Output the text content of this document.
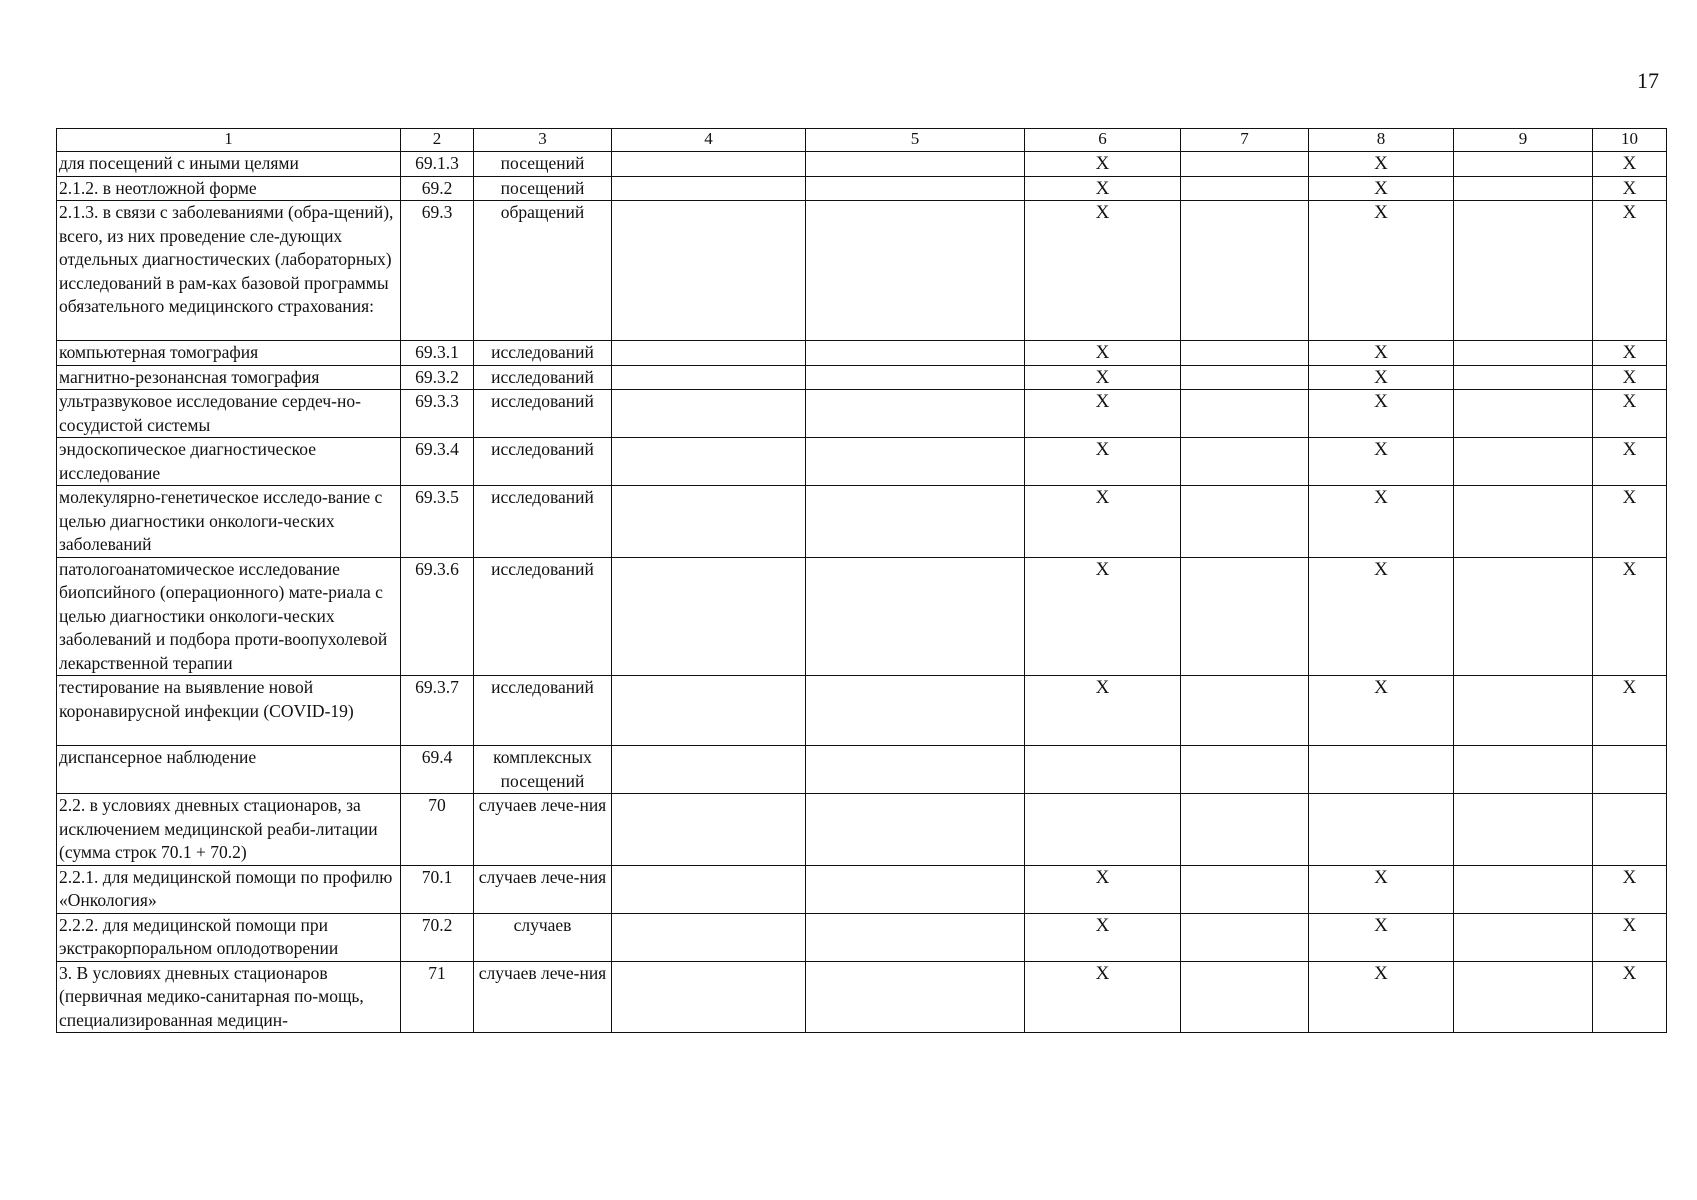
17
1	2	3	4	5	6	7	8	9	10
для посещений с иными целями	69.1.3	посещений			X		X		X
2.1.2. в неотложной форме	69.2	посещений			X		X		X
2.1.3. в связи с заболеваниями (обра-щений), всего, из них проведение сле-дующих отдельных диагностических (лабораторных) исследований в рам-ках базовой программы обязательного медицинского страхования:	69.3	обращений			X		X		X
компьютерная томография	69.3.1	исследований			X		X		X
магнитно-резонансная томография	69.3.2	исследований			X		X		X
ультразвуковое исследование сердеч-но-сосудистой системы	69.3.3	исследований			X		X		X
эндоскопическое диагностическое исследование	69.3.4	исследований			X		X		X
молекулярно-генетическое исследо-вание с целью диагностики онкологи-ческих заболеваний	69.3.5	исследований			X		X		X
патологоанатомическое исследование биопсийного (операционного) мате-риала с целью диагностики онкологи-ческих заболеваний и подбора проти-воопухолевой лекарственной терапии	69.3.6	исследований			X		X		X
тестирование на выявление новой коронавирусной инфекции (COVID-19)	69.3.7	исследований			X		X		X
диспансерное наблюдение	69.4	комплексных посещений							
2.2. в условиях дневных стационаров, за исключением медицинской реаби-литации (сумма строк 70.1 + 70.2)	70	случаев лече-ния							
2.2.1. для медицинской помощи по профилю «Онкология»	70.1	случаев лече-ния			X		X		X
2.2.2. для медицинской помощи при экстракорпоральном оплодотворении	70.2	случаев			X		X		X
3. В условиях дневных стационаров (первичная медико-санитарная по-мощь, специализированная медицин-	71	случаев лече-ния			X		X		X
